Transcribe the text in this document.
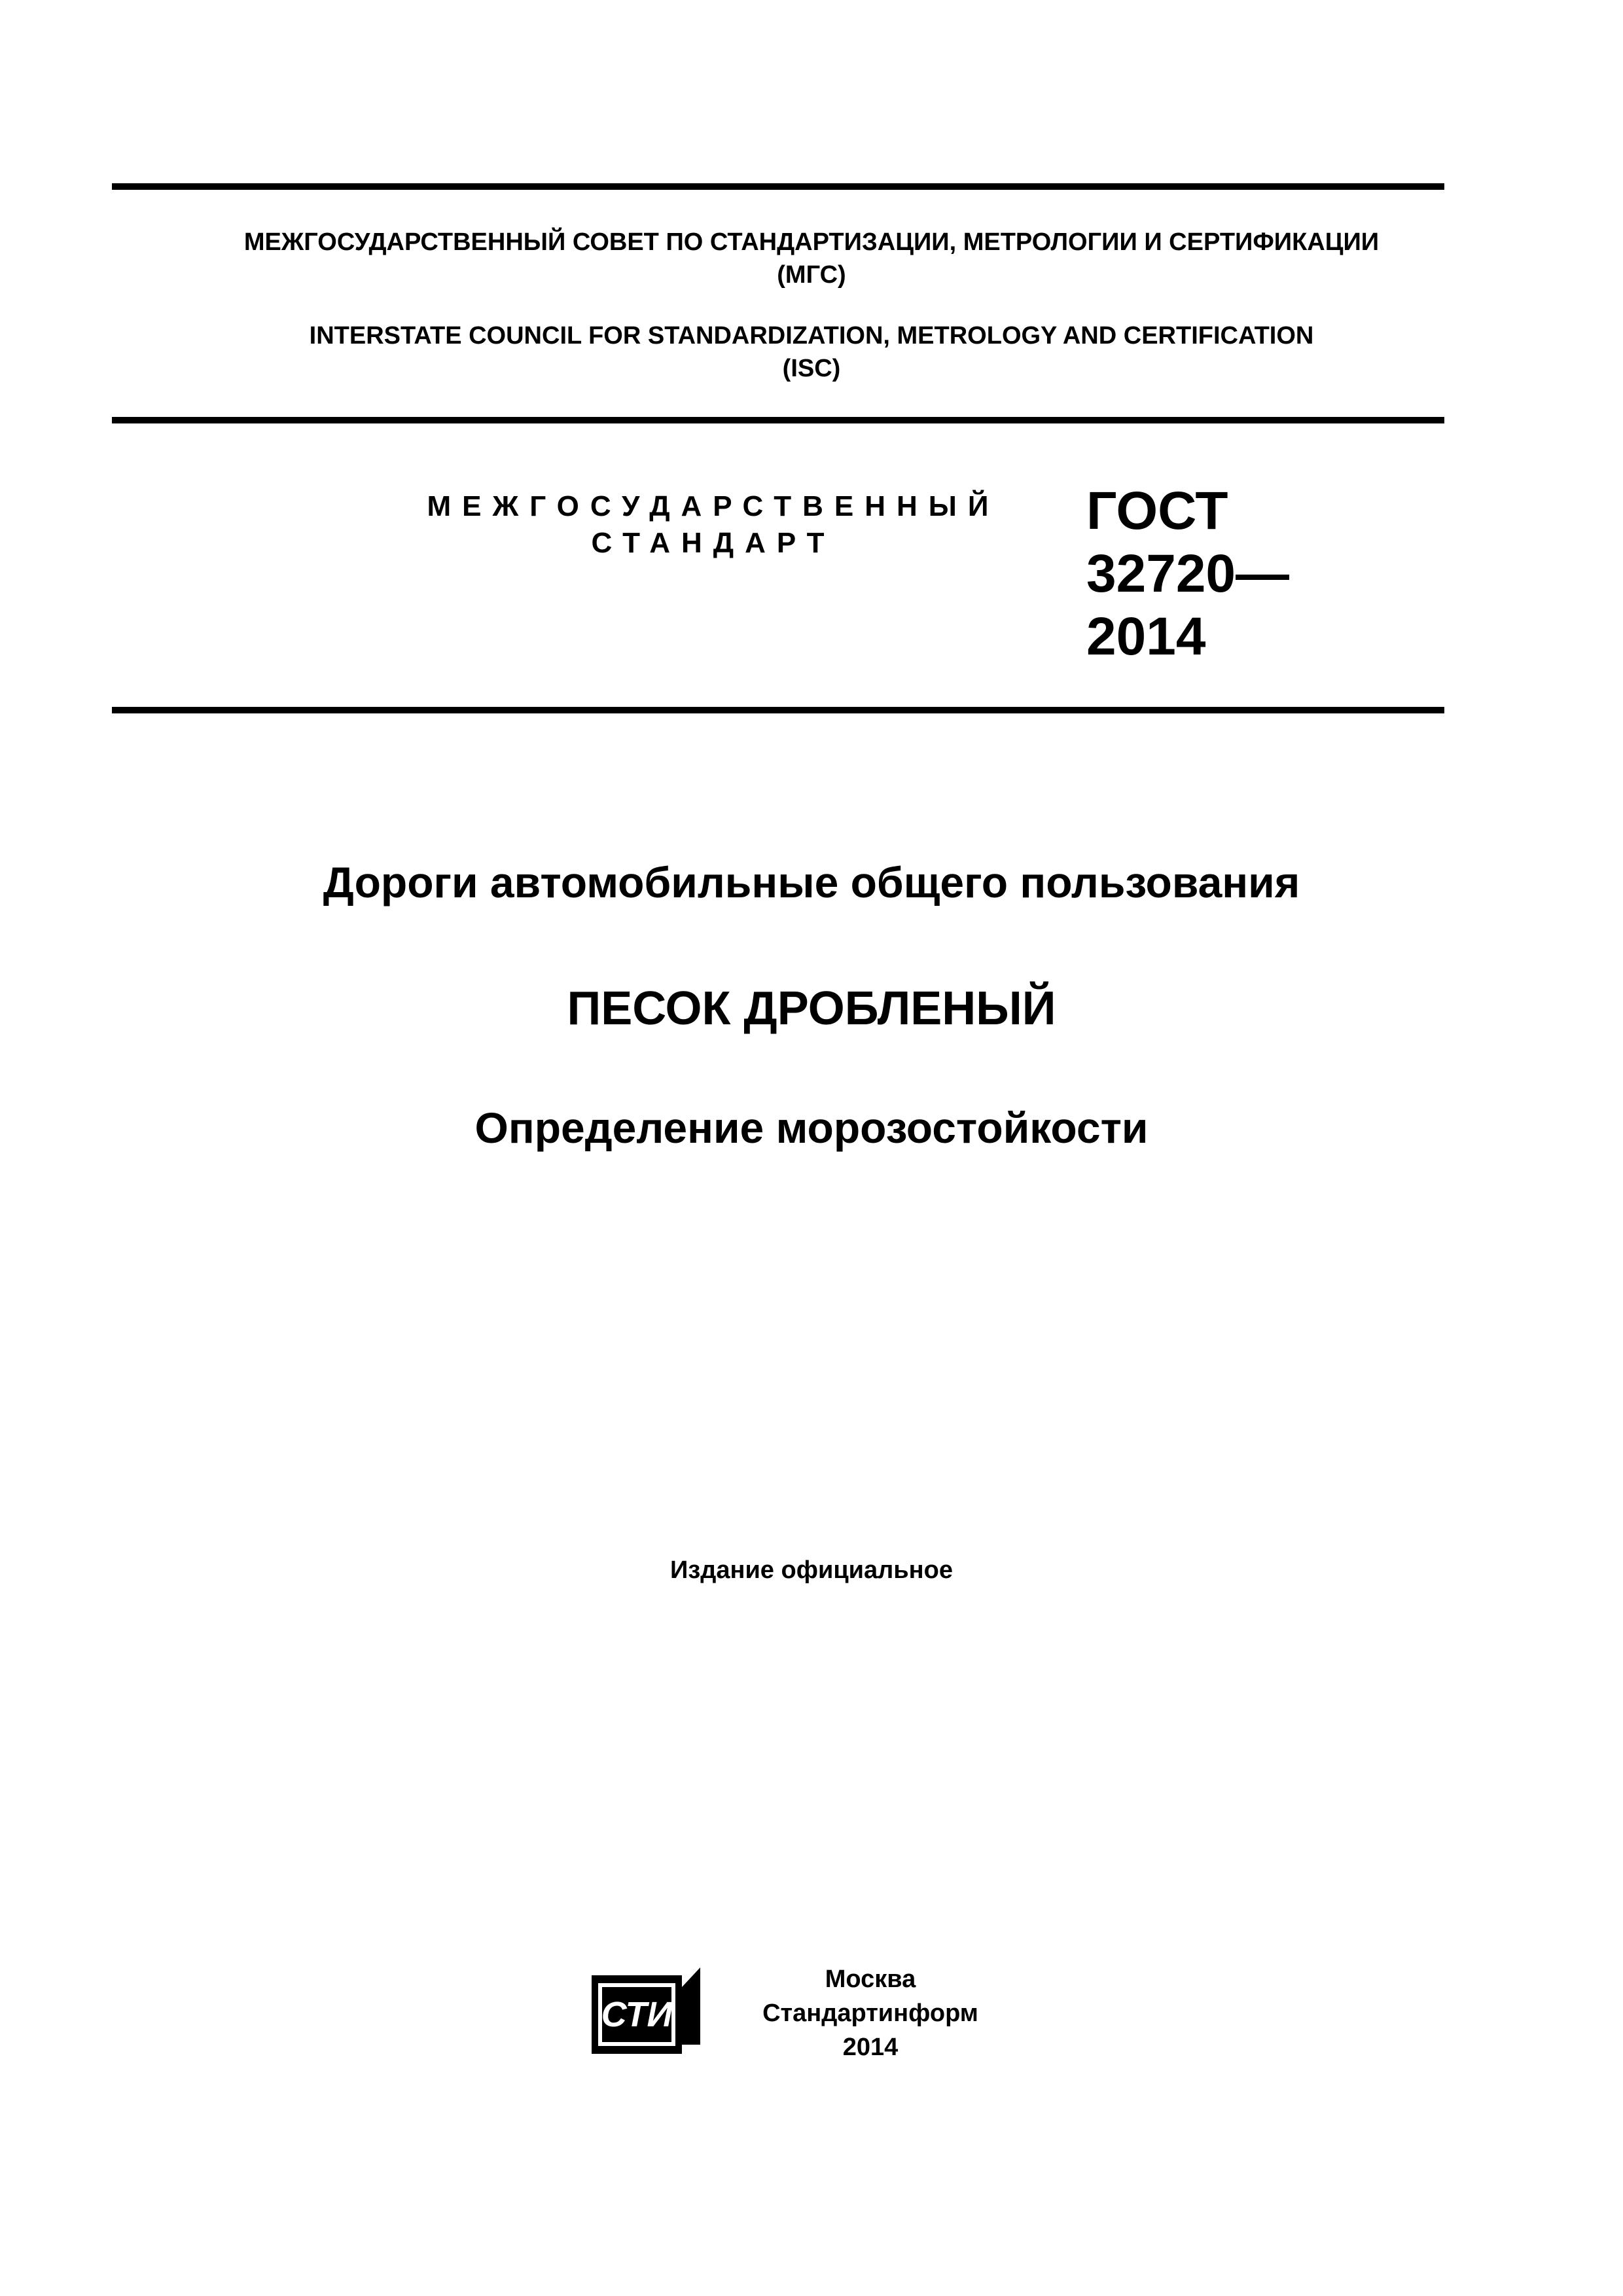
МЕЖГОСУДАРСТВЕННЫЙ СОВЕТ ПО СТАНДАРТИЗАЦИИ, МЕТРОЛОГИИ И СЕРТИФИКАЦИИ
(МГС)
INTERSTATE COUNCIL FOR STANDARDIZATION, METROLOGY AND CERTIFICATION
(ISC)
МЕЖГОСУДАРСТВЕННЫЙ
СТАНДАРТ
ГОСТ
32720—
2014
Дороги автомобильные общего пользования
ПЕСОК ДРОБЛЕНЫЙ
Определение морозостойкости
Издание официальное
СТИ
Москва
Стандартинформ
2014
